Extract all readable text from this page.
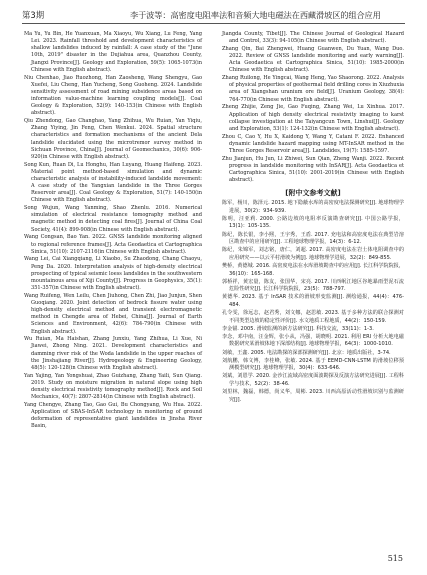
第3期	李于波等：高密度电阻率法和音频大地电磁法在西藏滑坡区的组合应用

Ma Yu, Yu Bin, He Yuanxuan, Ma Xiaoyu, Wu Xiang, Lu Feng, Yang Lei. 2023. Rainfall threshold and development characteristics of shallow landslides induced by rainfall: A case study of the "June 10th, 2019" disaster in the Dujiahua area, Quanzhou County, Jiangxi Province[J]. Geology and Exploration, 59(5): 1065-1073(in Chinese with English abstract).

Niu Chenhao, Jiao Ruozhong, Han Zaosheng, Wang Shengyu, Gao Xuefei, Liu Cheng, Han Yucheng, Song Guoheng. 2024. Landslide sensitivity assessment of road mining subsidence areas based on information value-machine learning coupling models[J]. Coal Geology & Exploration, 52(9): 140-153(in Chinese with English abstract).

Qiu Zhendong, Gao Changhao, Yang Zhihua, Wu Ruian, Yan Yiqiu, Zhang Yiying, Jin Feng, Chen Wenkui. 2024. Spatial structure characteristics and formation mechanisms of the ancient Dela landslide elucidated using the microtremor survey method in Sichuan Province, China[J]. Journal of Geomechanics, 30(6): 906-920(in Chinese with English abstract).

Song Kun, Ruan Di, Lu Honghu, Han Luyang, Huang Haifeng. 2023. Material point method-based simulation and dynamic characteristic analysis of instability-induced landslide movement: A case study of the Yangxian landslide in the Three Gorges Reservoir area[J]. Coal Geology & Exploration, 51(7): 140-150(in Chinese with English abstract).

Song Wujun, Wang Yanming, Shao Zhenlu. 2016. Numerical simulation of electrical resistance tomography method and magnetic method in detecting coal fires[J]. Journal of China Coal Society, 41(4): 899-908(in Chinese with English abstract).

Wang Congsan, Bao Yan. 2022. GNSS landslide monitoring aligned to regional reference frames[J]. Acta Geodaetica et Cartographica Sinica, 51(10): 2107-2116(in Chinese with English abstract).

Wang Lei, Cai Xiangqiang, Li Xiaobo, Su Zhaodong, Chang Chaoyu, Peng Da. 2020. Interpretation analysis of high-density electrical prospecting of typical seismic loess landslides in the southwestern mountainous area of Xiji County[J]. Progress in Geophysics, 35(1): 351-357(in Chinese with English abstract).

Wang Ruifeng, Wen Leilu, Chen Jiuhong, Chen Zhi, Jiao Junjun, Shen Guoqiang. 2020. Joint detection of bedrock fissure water using high-density electrical method and transient electromagnetic method in Chengde area of Hebei, China[J]. Journal of Earth Sciences and Environment, 42(6): 784-790(in Chinese with English abstract).

Wu Ruian, Ma Haishan, Zhang Junxiu, Yang Zhihua, Li Xue, Ni Jiawei, Zhong Ning. 2021. Development characteristics and damming river risk of the Woda landslide in the upper reaches of the Jinshajiang River[J]. Hydrogeology & Engineering Geology, 48(5): 120-128(in Chinese with English abstract).

Yan Yajing, Yan Yongshuai, Zhao Guizhang, Zhang Yaili, Sun Qiang. 2019. Study on moisture migration in natural slope using high density electrical resistivity tomography method[J]. Rock and Soil Mechanics, 40(7): 2807-2814(in Chinese with English abstract).

Yang Chengye, Zhang Tao, Gao Gui, Bu Chongyang, Wu Hua. 2022. Application of SBAS-InSAR technology in monitoring of ground deformation of representative giant landslides in Jinsha River Basin,

Jiangda County, Tibet[J]. The Chinese Journal of Geological Hazard and Control, 33(3): 94-105(in Chinese with English abstract).

Zhang Qin, Bai Zhengwei, Huang Guanwen, Du Yuan, Wang Duo. 2022. Review of GNSS landslide monitoring and early warning[J]. Acta Geodaetica et Cartographica Sinica, 51(10): 1985-2000(in Chinese with English abstract).

Zhang Ruilong, He Yingcai, Wang Heng, Yao Shaorong. 2022. Analysis of physical properties of geothermal field drilling cores in Xiuzhuxia area of Xiangshan uranium ore field[J]. Uranium Geology, 38(4): 764-770(in Chinese with English abstract).

Zheng Zhijie, Zeng Jie, Gao Fuqing, Zhang Wei, Lu Xinhua. 2017. Application of high density electrical resistivity imaging to karst collapse investigation at the Taiyangcun Town, Linshui[J]. Geology and Exploration, 53(1): 124-132(in Chinese with English abstract).

Zhou C, Cao Y, Hu X, Kaidong Y, Wang Y, Catani F. 2022. Enhanced dynamic landslide hazard mapping using MT-InSAR method in the Three Gorges Reservoir area[J]. Landslides, 19(7): 1585-1597.

Zhu Jianjun, Hu Jun, Li Zhiwei, Sun Qian, Zheng Wanji. 2022. Recent progress in landslide monitoring with InSAR[J]. Acta Geodaetica et Cartographica Sinica, 51(10): 2001-2019(in Chinese with English abstract).

[附中文参考文献]

陈军，杨川，陈泽元. 2015. 地下隐蔽水库的高密度电法探测研究[J]. 地球物理学进展，30(2)：934-939.

陈明，汪亚莉. 2000. 公路边坡的电阻率反演勘查研究[J]. 中国公路学报，13(1)：105-135.

陈纪，陈长银，李小熙，王宇秀，王盾. 2017. 充电法和高密度电法在典型岩溶区勘查中的应用研究[J]. 工程地球物理学报，14(3)：6-12.

陈纪，朱锦军，刘志铭，唐仁，刘超. 2017. 高密度电法在岩土体电阻调查中的应用研究——以云平村滑坡为例[J]. 地球物理学进展，32(2)：849-855.

樊桥，黄德城. 2016. 高密度电法在水库滑坡勘查中的应用[J]. 长江科学院院报，36(10)：165-168.

郭桥祥，黄宏量，陈友，张国华，宋亮. 2017. 川西岷江地区谷地暴雨型泥石流危险性研究[J]. 长江科学院院报，23(5)：788-797.

黄德华. 2023. 基于 InSAR 技术的滑坡形变监测[J]. 测绘通报，44(4)：476-484.

孔令雯，徐远志，赵君秀，刘文娜，赵思敏. 2023. 基于多种方法的联合探测对不同类型边坡的稳定性评价[J]. 水文地质工程地质，44(2)：150-159.

李金锚. 2005. 滑坡监测的新方法研究[J]. 科技交流，33(11)：1-3.

李念，邓中南，汪金辉，张小从，冯强，胡晓明. 2021. 利用 ERI 分析大地电磁数据研究某滑坡体地下深部结构[J]. 地球物理学报，64(3)：1000-1010.

刘敏，王鑫. 2005. 电法勘探的深部探测研究[J]. 北京：地质出版社，3-74.

刘航鹏，韩文博，李桂峰，张敏. 2024. 基于 EEMD-CNN-LSTM 的滑坡位移预测模型研究[J]. 地球物理学报，30(4)：633-646.

刘斌，刘恩学. 2020. 金沙江流域高密度面波勘探及反演方法研究进展[J]. 工程科学与技术，52(2)：38-46.

刘里林，魏磊，韩德，尚义华，周彬. 2023. 川西高原活动性滑坡识别与监测研究[J].

515
